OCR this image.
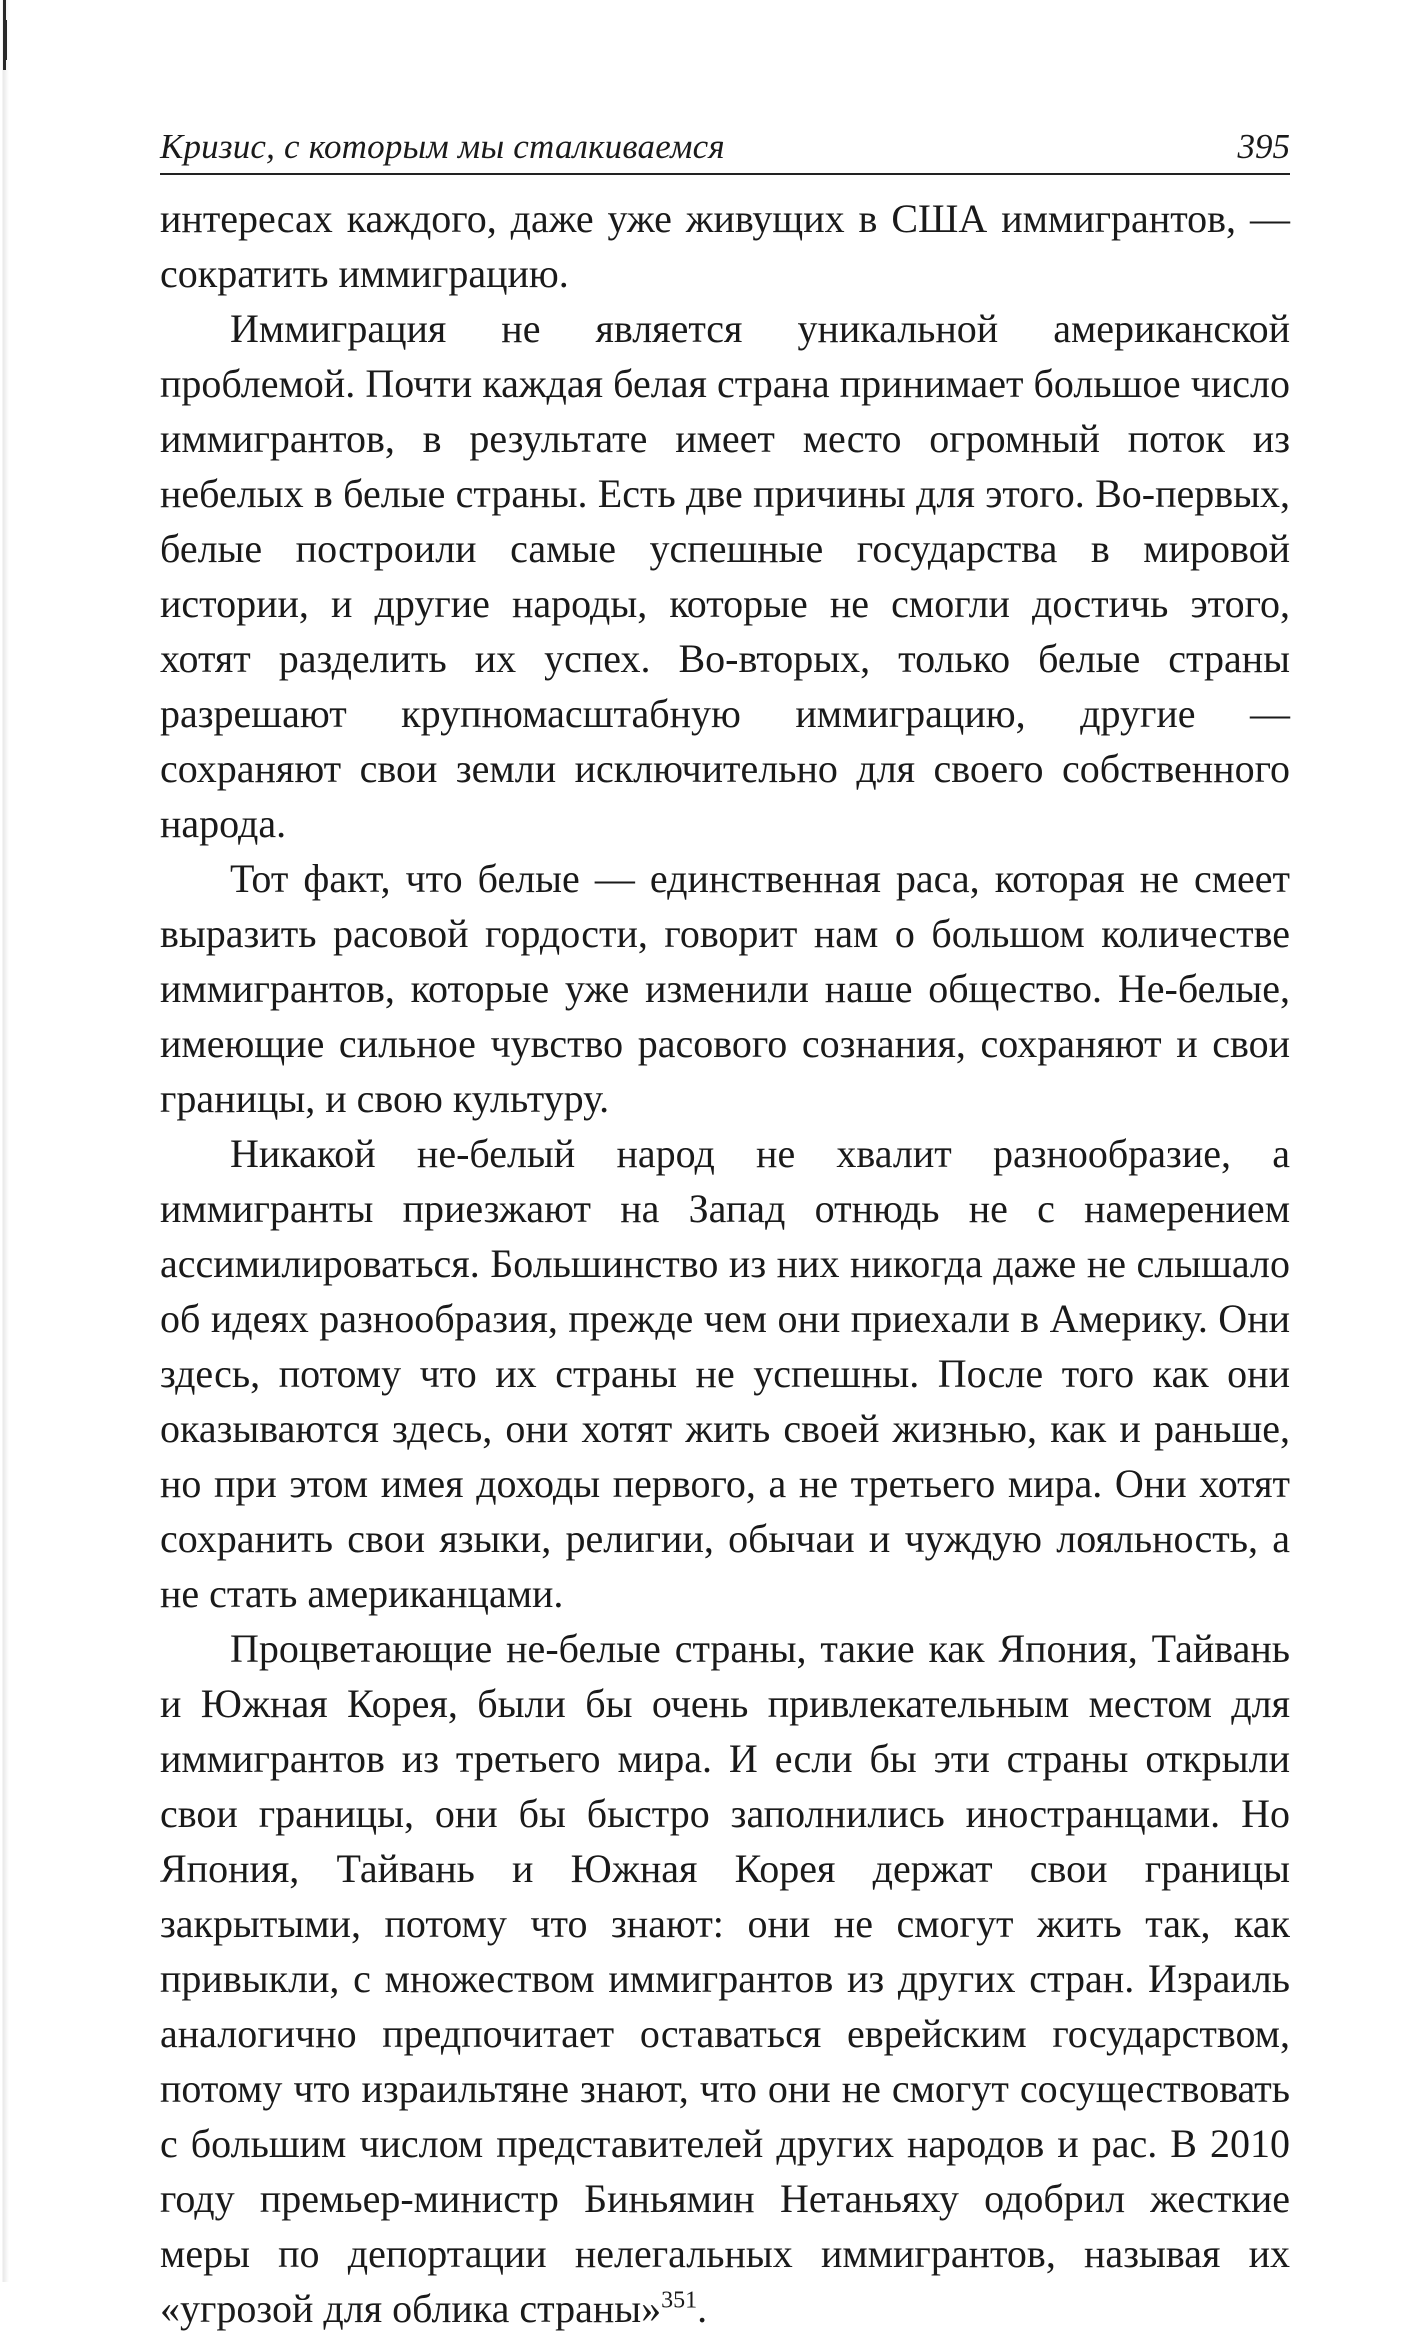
Кризис, с которым мы сталкиваемся	395

интересах каждого, даже уже живущих в США иммигрантов, — сократить иммиграцию.

Иммиграция не является уникальной американской проблемой. Почти каждая белая страна принимает большое число иммигрантов, в результате имеет место огромный поток из небелых в белые страны. Есть две причины для этого. Во-первых, белые построили самые успешные государства в мировой истории, и другие народы, которые не смогли достичь этого, хотят разделить их успех. Во-вторых, только белые страны разрешают крупномасштабную иммиграцию, другие — сохраняют свои земли исключительно для своего собственного народа.

Тот факт, что белые — единственная раса, которая не смеет выразить расовой гордости, говорит нам о большом количестве иммигрантов, которые уже изменили наше общество. Не-белые, имеющие сильное чувство расового сознания, сохраняют и свои границы, и свою культуру.

Никакой не-белый народ не хвалит разнообразие, а иммигранты приезжают на Запад отнюдь не с намерением ассимилироваться. Большинство из них никогда даже не слышало об идеях разнообразия, прежде чем они приехали в Америку. Они здесь, потому что их страны не успешны. После того как они оказываются здесь, они хотят жить своей жизнью, как и раньше, но при этом имея доходы первого, а не третьего мира. Они хотят сохранить свои языки, религии, обычаи и чуждую лояльность, а не стать американцами.

Процветающие не-белые страны, такие как Япония, Тайвань и Южная Корея, были бы очень привлекательным местом для иммигрантов из третьего мира. И если бы эти страны открыли свои границы, они бы быстро заполнились иностранцами. Но Япония, Тайвань и Южная Корея держат свои границы закрытыми, потому что знают: они не смогут жить так, как привыкли, с множеством иммигрантов из других стран. Израиль аналогично предпочитает оставаться еврейским государством, потому что израильтяне знают, что они не смогут сосуществовать с большим числом представителей других народов и рас. В 2010 году премьер-министр Биньямин Нетаньяху одобрил жесткие меры по депортации нелегальных иммигрантов, называя их «угрозой для облика страны»$^{351}$.
